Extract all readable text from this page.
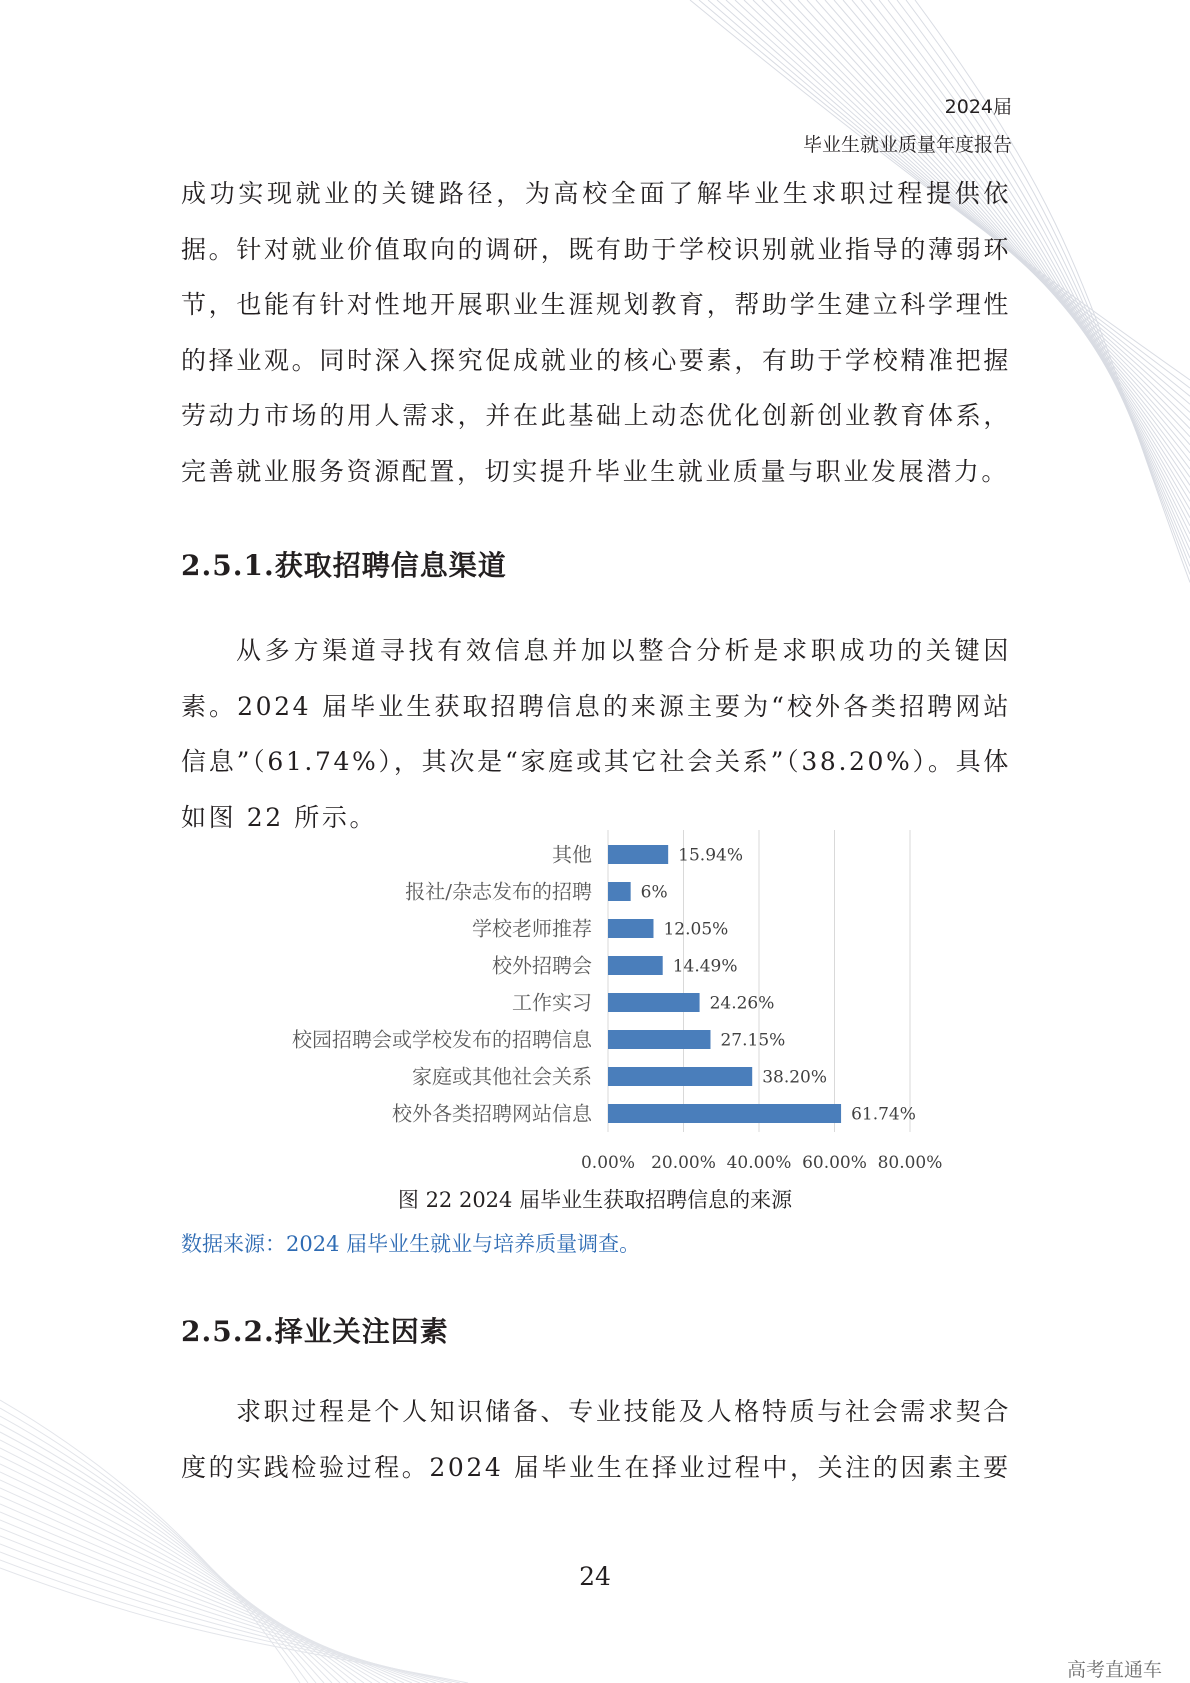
2024届
毕业生就业质量年度报告

成功实现就业的关键路径，为高校全面了解毕业生求职过程提供依据。针对就业价值取向的调研，既有助于学校识别就业指导的薄弱环节，也能有针对性地开展职业生涯规划教育，帮助学生建立科学理性的择业观。同时深入探究促成就业的核心要素，有助于学校精准把握劳动力市场的用人需求，并在此基础上动态优化创新创业教育体系，完善就业服务资源配置，切实提升毕业生就业质量与职业发展潜力。

2.5.1.获取招聘信息渠道

从多方渠道寻找有效信息并加以整合分析是求职成功的关键因素。2024 届毕业生获取招聘信息的来源主要为“校外各类招聘网站信息”（61.74%），其次是“家庭或其它社会关系”（38.20%）。具体如图 22 所示。

其他
报社/杂志发布的招聘
学校老师推荐
校外招聘会
工作实习
校园招聘会或学校发布的招聘信息
家庭或其他社会关系
校外各类招聘网站信息
15.94%
6%
12.05%
14.49%
24.26%
27.15%
38.20%
61.74%
0.00% 20.00% 40.00% 60.00% 80.00%

图 22 2024 届毕业生获取招聘信息的来源

数据来源：2024 届毕业生就业与培养质量调查。

2.5.2.择业关注因素

求职过程是个人知识储备、专业技能及人格特质与社会需求契合度的实践检验过程。2024 届毕业生在择业过程中，关注的因素主要

24

高考直通车
